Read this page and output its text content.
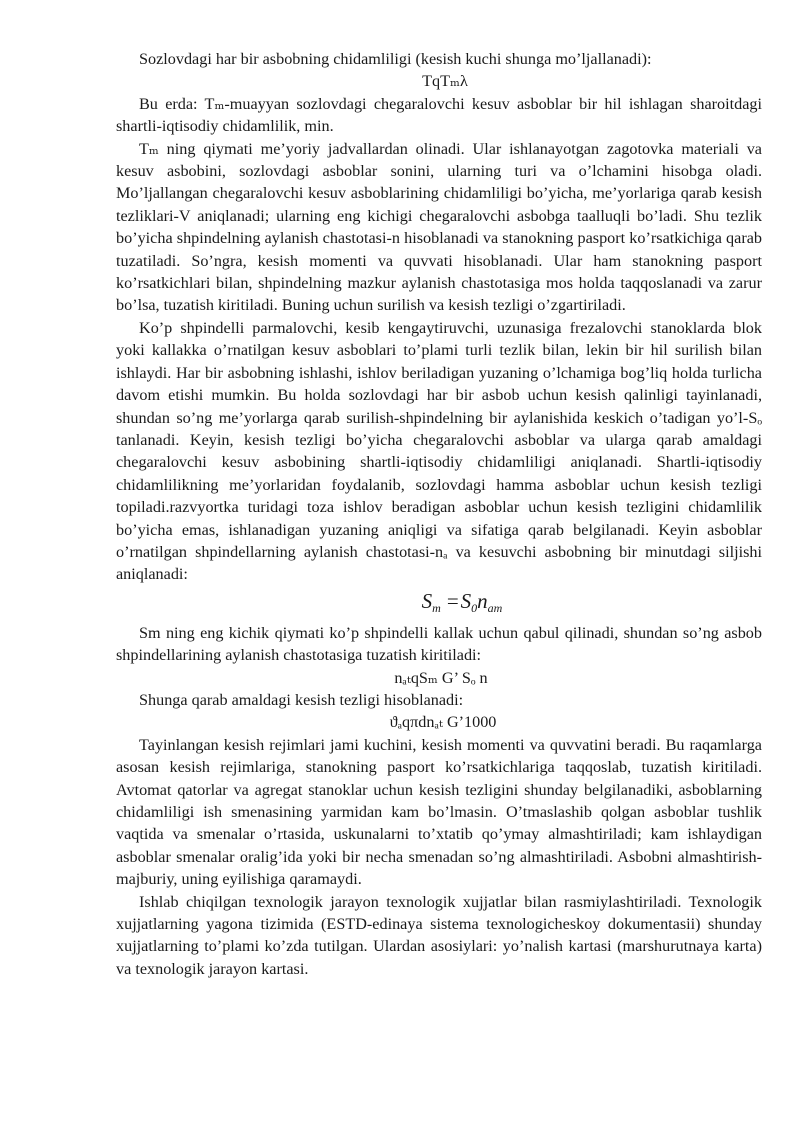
Sozlovdagi har bir asbobning chidamliligi (kesish kuchi shunga mo’ljallanadi):

TqTₘλ

Bu erda: Tₘ-muayyan sozlovdagi chegaralovchi kesuv asboblar bir hil ishlagan sharoitdagi shartli-iqtisodiy chidamlilik, min.

Tₘ ning qiymati me’yoriy jadvallardan olinadi. Ular ishlanayotgan zagotovka materiali va kesuv asbobini, sozlovdagi asboblar sonini, ularning turi va o’lchamini hisobga oladi. Mo’ljallangan chegaralovchi kesuv asboblarining chidamliligi bo’yicha, me’yorlariga qarab kesish tezliklari-V aniqlanadi; ularning eng kichigi chegaralovchi asbobga taalluqli bo’ladi. Shu tezlik bo’yicha shpindelning aylanish chastotasi-n hisoblanadi va stanokning pasport ko’rsatkichiga qarab tuzatiladi. So’ngra, kesish momenti va quvvati hisoblanadi. Ular ham stanokning pasport ko’rsatkichlari bilan, shpindelning mazkur aylanish chastotasiga mos holda taqqoslanadi va zarur bo’lsa, tuzatish kiritiladi. Buning uchun surilish va kesish tezligi o’zgartiriladi.

Ko’p shpindelli parmalovchi, kesib kengaytiruvchi, uzunasiga frezalovchi stanoklarda blok yoki kallakka o’rnatilgan kesuv asboblari to’plami turli tezlik bilan, lekin bir hil surilish bilan ishlaydi. Har bir asbobning ishlashi, ishlov beriladigan yuzaning o’lchamiga bog’liq holda turlicha davom etishi mumkin. Bu holda sozlovdagi har bir asbob uchun kesish qalinligi tayinlanadi, shundan so’ng me’yorlarga qarab surilish-shpindelning bir aylanishida keskich o’tadigan yo’l-Sₒ tanlanadi. Keyin, kesish tezligi bo’yicha chegaralovchi asboblar va ularga qarab amaldagi chegaralovchi kesuv asbobining shartli-iqtisodiy chidamliligi aniqlanadi. Shartli-iqtisodiy chidamlilikning me’yorlaridan foydalanib, sozlovdagi hamma asboblar uchun kesish tezligi topiladi.razvyortka turidagi toza ishlov beradigan asboblar uchun kesish tezligini chidamlilik bo’yicha emas, ishlanadigan yuzaning aniqligi va sifatiga qarab belgilanadi. Keyin asboblar o’rnatilgan shpindellarning aylanish chastotasi-nₐ va kesuvchi asbobning bir minutdagi siljishi aniqlanadi:

$S_m =S_0n_{ат}$

Sm ning eng kichik qiymati ko’p shpindelli kallak uchun qabul qilinadi, shundan so’ng asbob shpindellarining aylanish chastotasiga tuzatish kiritiladi:

nₐₜqSₘ G’ Sₒ n

Shunga qarab amaldagi kesish tezligi hisoblanadi:

ϑₐqπdnₐₜ G’1000

Tayinlangan kesish rejimlari jami kuchini, kesish momenti va quvvatini beradi. Bu raqamlarga asosan kesish rejimlariga, stanokning pasport ko’rsatkichlariga taqqoslab, tuzatish kiritiladi. Avtomat qatorlar va agregat stanoklar uchun kesish tezligini shunday belgilanadiki, asboblarning chidamliligi ish smenasining yarmidan kam bo’lmasin. O’tmaslashib qolgan asboblar tushlik vaqtida va smenalar o’rtasida, uskunalarni to’xtatib qo’ymay almashtiriladi; kam ishlaydigan asboblar smenalar oralig’ida yoki bir necha smenadan so’ng almashtiriladi. Asbobni almashtirish-majburiy, uning eyilishiga qaramaydi.

Ishlab chiqilgan texnologik jarayon texnologik xujjatlar bilan rasmiylashtiriladi. Texnologik xujjatlarning yagona tizimida (ESTD-edinaya sistema texnologicheskoy dokumentasii) shunday xujjatlarning to’plami ko’zda tutilgan. Ulardan asosiylari: yo’nalish kartasi (marshurutnaya karta) va texnologik jarayon kartasi.
